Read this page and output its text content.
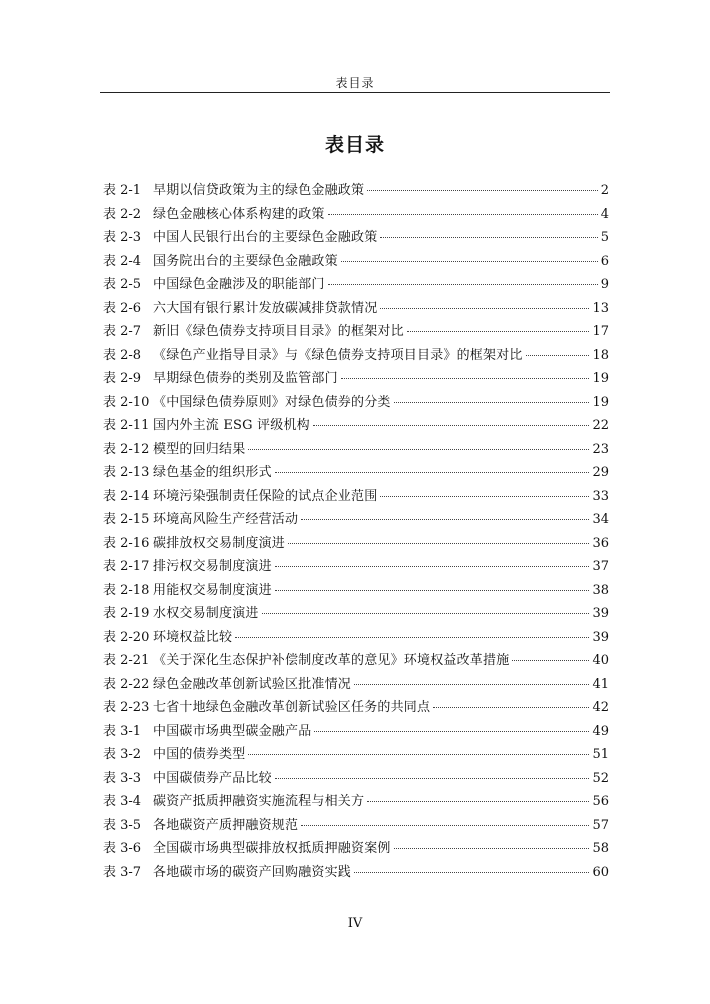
表目录
表目录
表 2-1 早期以信贷政策为主的绿色金融政策	2
表 2-2 绿色金融核心体系构建的政策	4
表 2-3 中国人民银行出台的主要绿色金融政策	5
表 2-4 国务院出台的主要绿色金融政策	6
表 2-5 中国绿色金融涉及的职能部门	9
表 2-6 六大国有银行累计发放碳减排贷款情况	13
表 2-7 新旧《绿色债券支持项目目录》的框架对比	17
表 2-8 《绿色产业指导目录》与《绿色债券支持项目目录》的框架对比	18
表 2-9 早期绿色债券的类别及监管部门	19
表 2-10 《中国绿色债券原则》对绿色债券的分类	19
表 2-11 国内外主流 ESG 评级机构	22
表 2-12 模型的回归结果	23
表 2-13 绿色基金的组织形式	29
表 2-14 环境污染强制责任保险的试点企业范围	33
表 2-15 环境高风险生产经营活动	34
表 2-16 碳排放权交易制度演进	36
表 2-17 排污权交易制度演进	37
表 2-18 用能权交易制度演进	38
表 2-19 水权交易制度演进	39
表 2-20 环境权益比较	39
表 2-21 《关于深化生态保护补偿制度改革的意见》环境权益改革措施	40
表 2-22 绿色金融改革创新试验区批准情况	41
表 2-23 七省十地绿色金融改革创新试验区任务的共同点	42
表 3-1 中国碳市场典型碳金融产品	49
表 3-2 中国的债券类型	51
表 3-3 中国碳债券产品比较	52
表 3-4 碳资产抵质押融资实施流程与相关方	56
表 3-5 各地碳资产质押融资规范	57
表 3-6 全国碳市场典型碳排放权抵质押融资案例	58
表 3-7 各地碳市场的碳资产回购融资实践	60
IV
